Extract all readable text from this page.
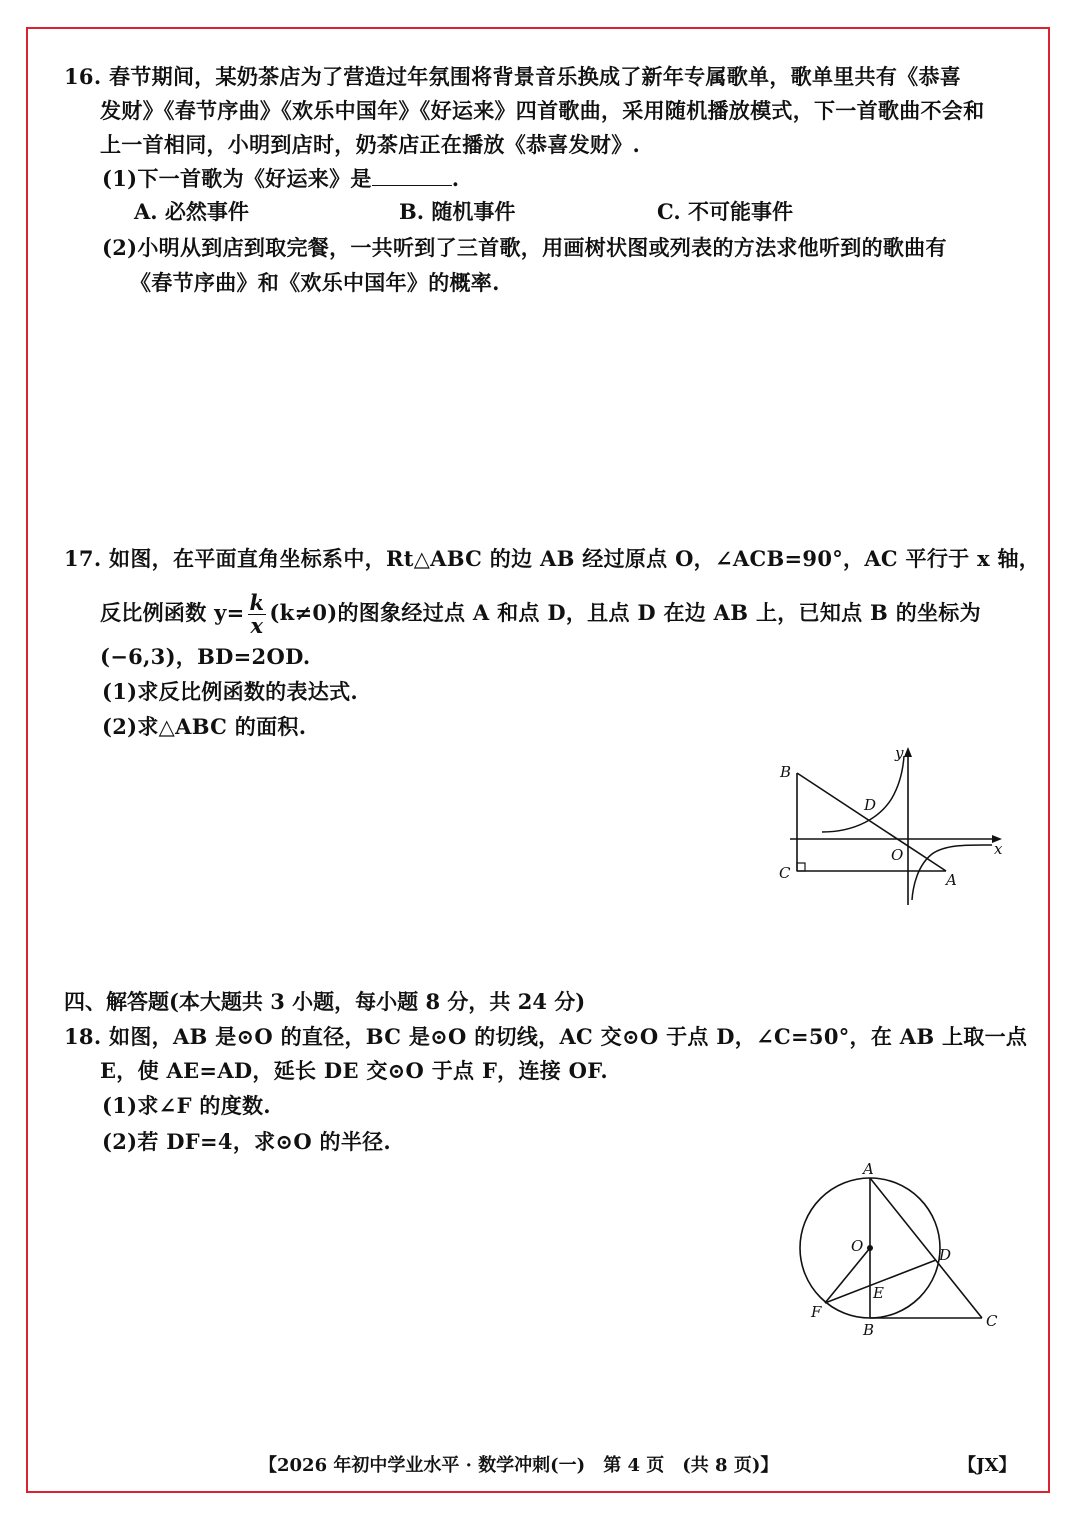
16. 春节期间，某奶茶店为了营造过年氛围将背景音乐换成了新年专属歌单，歌单里共有《恭喜
发财》《春节序曲》《欢乐中国年》《好运来》四首歌曲，采用随机播放模式，下一首歌曲不会和
上一首相同，小明到店时，奶茶店正在播放《恭喜发财》.
(1)下一首歌为《好运来》是	.
A. 必然事件	B. 随机事件	C. 不可能事件
(2)小明从到店到取完餐，一共听到了三首歌，用画树状图或列表的方法求他听到的歌曲有
《春节序曲》和《欢乐中国年》的概率.
17. 如图，在平面直角坐标系中，Rt△ABC 的边 AB 经过原点 O，∠ACB=90°，AC 平行于 x 轴，
反比例函数 $y= \frac{k}{x} (k\ne 0)$的图象经过点 A 和点 D，且点 D 在边 AB 上，已知点 B 的坐标为
(−6,3)，BD=2OD.
(1)求反比例函数的表达式.
(2)求△ABC 的面积.
B
D
y
x
O
C	A
四、解答题(本大题共 3 小题，每小题 8 分，共 24 分)
18. 如图，AB 是⊙O 的直径，BC 是⊙O 的切线，AC 交⊙O 于点 D，∠C=50°，在 AB 上取一点
E，使 AE=AD，延长 DE 交⊙O 于点 F，连接 OF.
(1)求∠F 的度数.
(2)若 DF=4，求⊙O 的半径.
A
O	D
E
F
B	C
【2026 年初中学业水平 · 数学冲刺(一)　第 4 页　(共 8 页)】	【JX】
